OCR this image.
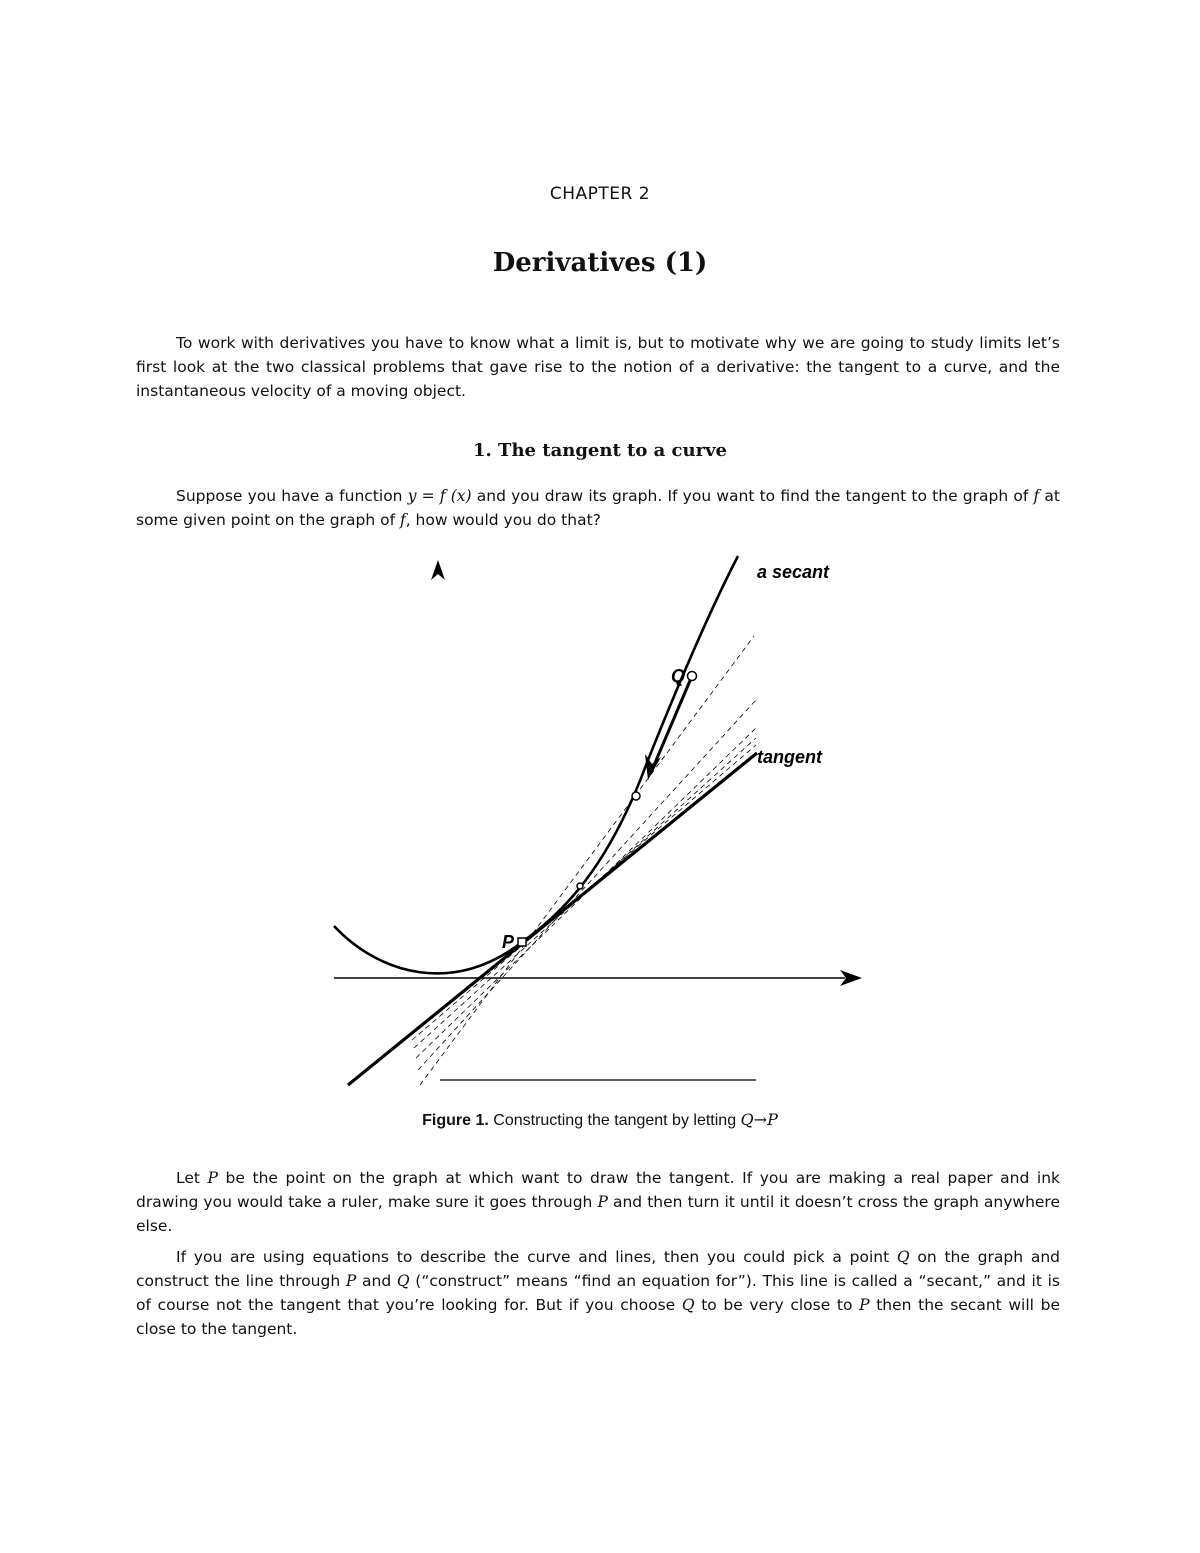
CHAPTER 2
Derivatives (1)

To work with derivatives you have to know what a limit is, but to motivate why we are going to study limits let’s first look at the two classical problems that gave rise to the notion of a derivative: the tangent to a curve, and the instantaneous velocity of a moving object.

1. The tangent to a curve

Suppose you have a function y = f (x) and you draw its graph. If you want to find the tangent to the graph of f at some given point on the graph of f, how would you do that?

a secant
tangent
Q
P
Figure 1. Constructing the tangent by letting Q→P

Let P be the point on the graph at which want to draw the tangent. If you are making a real paper and ink drawing you would take a ruler, make sure it goes through P and then turn it until it doesn’t cross the graph anywhere else.

If you are using equations to describe the curve and lines, then you could pick a point Q on the graph and construct the line through P and Q (“construct” means “find an equation for”). This line is called a “secant,” and it is of course not the tangent that you’re looking for. But if you choose Q to be very close to P then the secant will be close to the tangent.
